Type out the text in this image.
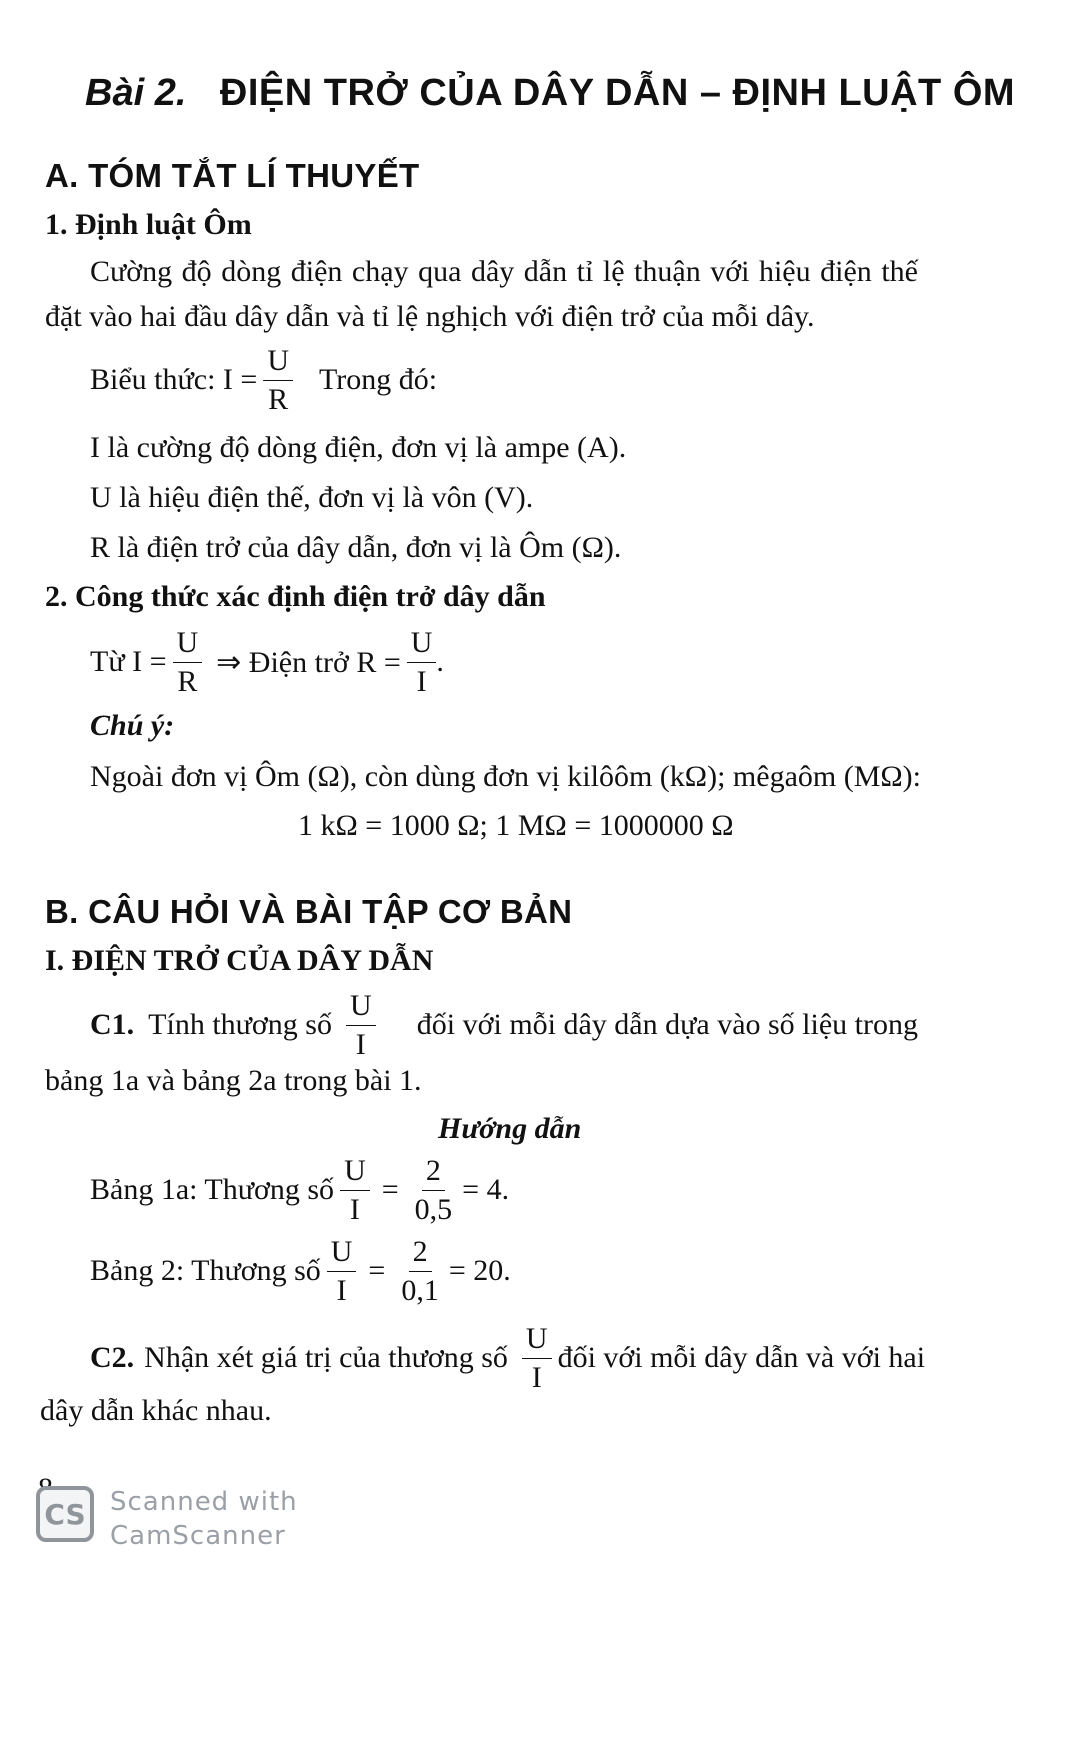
Bài 2. ĐIỆN TRỞ CỦA DÂY DẪN – ĐỊNH LUẬT ÔM
A. TÓM TẮT LÍ THUYẾT
1. Định luật Ôm
Cường độ dòng điện chạy qua dây dẫn tỉ lệ thuận với hiệu điện thế
đặt vào hai đầu dây dẫn và tỉ lệ nghịch với điện trở của mỗi dây.
Biểu thức: $I = \frac{U}{R}$ Trong đó:
I là cường độ dòng điện, đơn vị là ampe (A).
U là hiệu điện thế, đơn vị là vôn (V).
R là điện trở của dây dẫn, đơn vị là Ôm (Ω).
2. Công thức xác định điện trở dây dẫn
Từ $I = \frac{U}{R}$ ⇒ Điện trở $R = \frac{U}{I}$ .
Chú ý:
Ngoài đơn vị Ôm (Ω), còn dùng đơn vị kilôôm (kΩ); mêgaôm (MΩ):
1 kΩ = 1000 Ω; 1 MΩ = 1000000 Ω
B. CÂU HỎI VÀ BÀI TẬP CƠ BẢN
I. ĐIỆN TRỞ CỦA DÂY DẪN
C1. Tính thương số $\frac{U}{I}$ đối với mỗi dây dẫn dựa vào số liệu trong
bảng 1a và bảng 2a trong bài 1.
Hướng dẫn
Bảng 1a: Thương số $\frac{U}{I} = \frac{2}{0,5} = 4$.
Bảng 2: Thương số $\frac{U}{I} = \frac{2}{0,1} = 20$.
C2. Nhận xét giá trị của thương số $\frac{U}{I}$ đối với mỗi dây dẫn và với hai
dây dẫn khác nhau.
CS Scanned with
CamScanner
